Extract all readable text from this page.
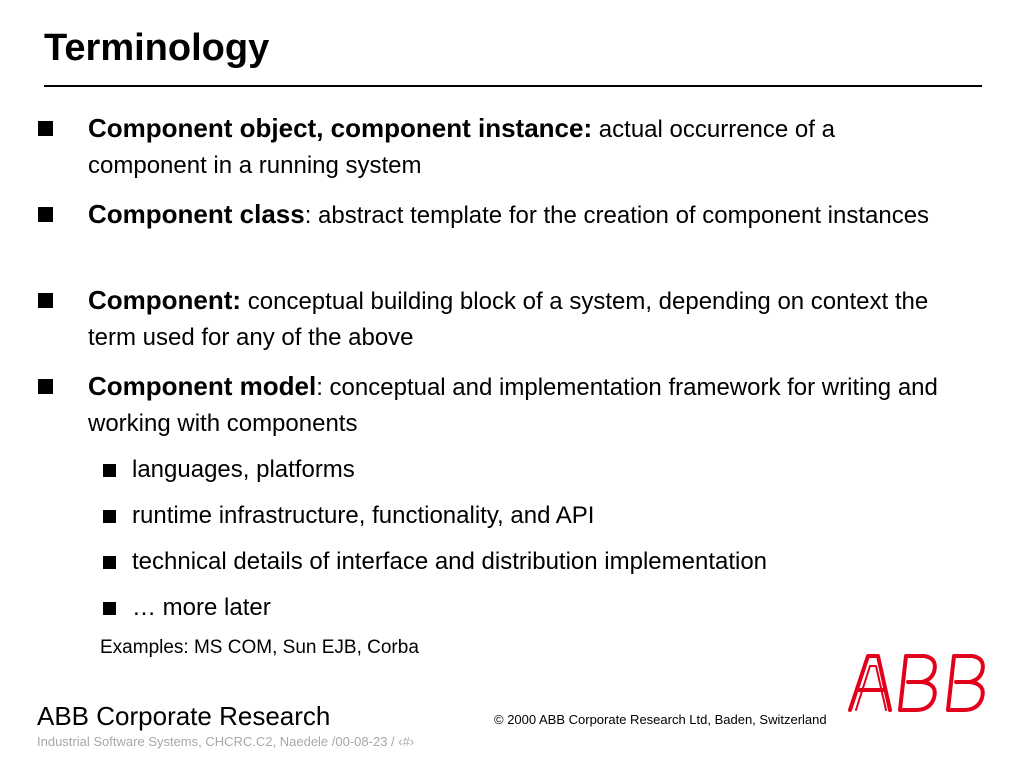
Terminology
Component object, component instance: actual occurrence of a component in a running system
Component class: abstract template for the creation of component instances
Component: conceptual building block of a system, depending on context the term used for any of the above
Component model: conceptual and implementation framework for writing and working with components
languages, platforms
runtime infrastructure, functionality, and API
technical details of interface and distribution implementation
… more later
Examples: MS COM, Sun EJB, Corba
ABB Corporate Research
Industrial Software Systems, CHCRC.C2, Naedele /00-08-23 / ‹#›
© 2000 ABB Corporate Research Ltd, Baden, Switzerland
